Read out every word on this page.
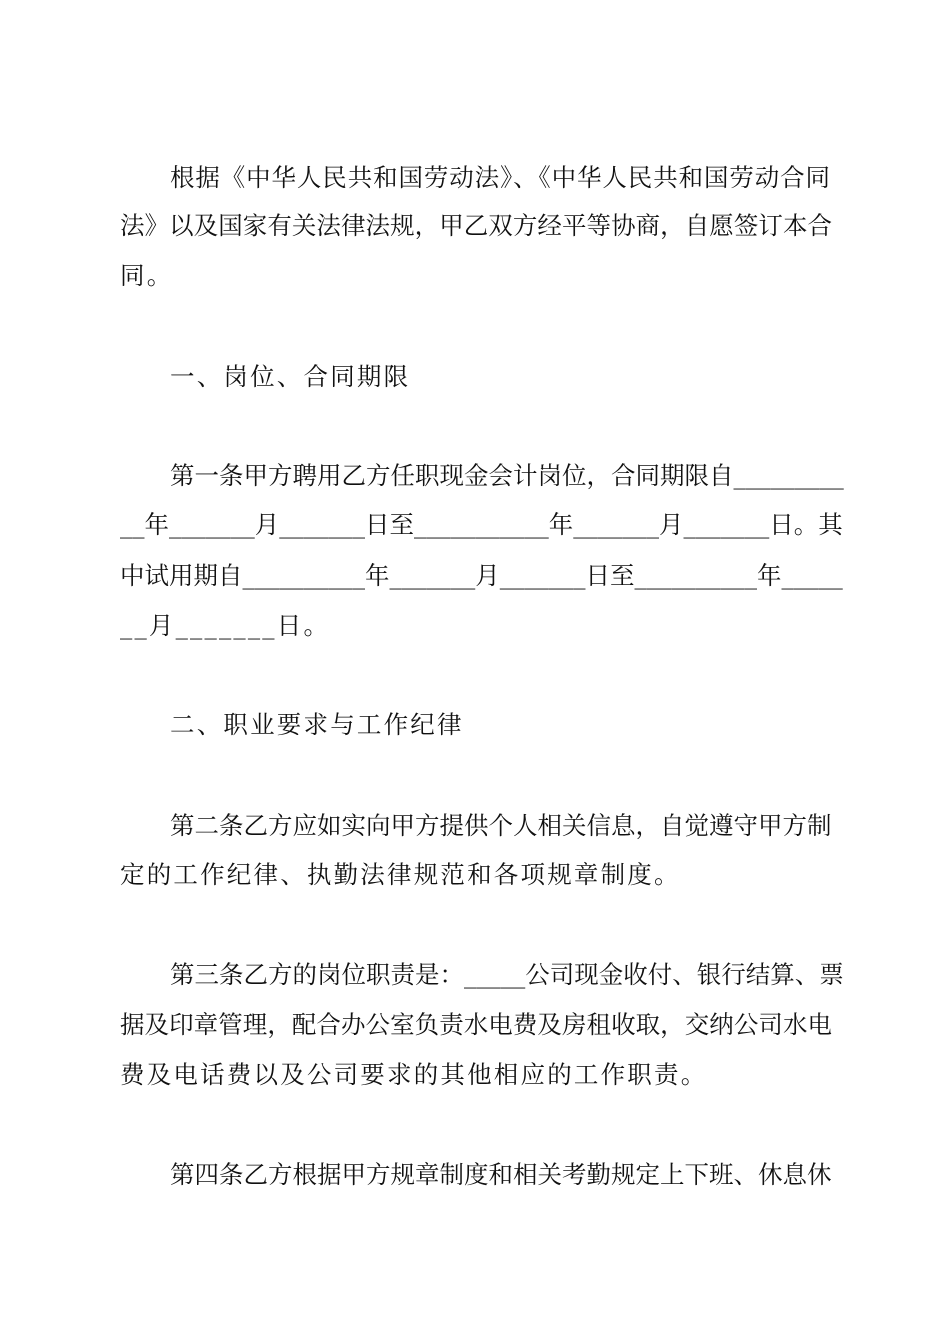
根据《中华人民共和国劳动法》、《中华人民共和国劳动合同
法》以及国家有关法律法规，甲乙双方经平等协商，自愿签订本合
同。
一、岗位、合同期限
第一条甲方聘用乙方任职现金会计岗位，合同期限自_________
__年_______月_______日至___________年_______月_______日。其
中试用期自__________年_______月_______日至__________年_____
__月_______日。
二、职业要求与工作纪律
第二条乙方应如实向甲方提供个人相关信息，自觉遵守甲方制
定的工作纪律、执勤法律规范和各项规章制度。
第三条乙方的岗位职责是：_____公司现金收付、银行结算、票
据及印章管理，配合办公室负责水电费及房租收取，交纳公司水电
费及电话费以及公司要求的其他相应的工作职责。
第四条乙方根据甲方规章制度和相关考勤规定上下班、休息休
